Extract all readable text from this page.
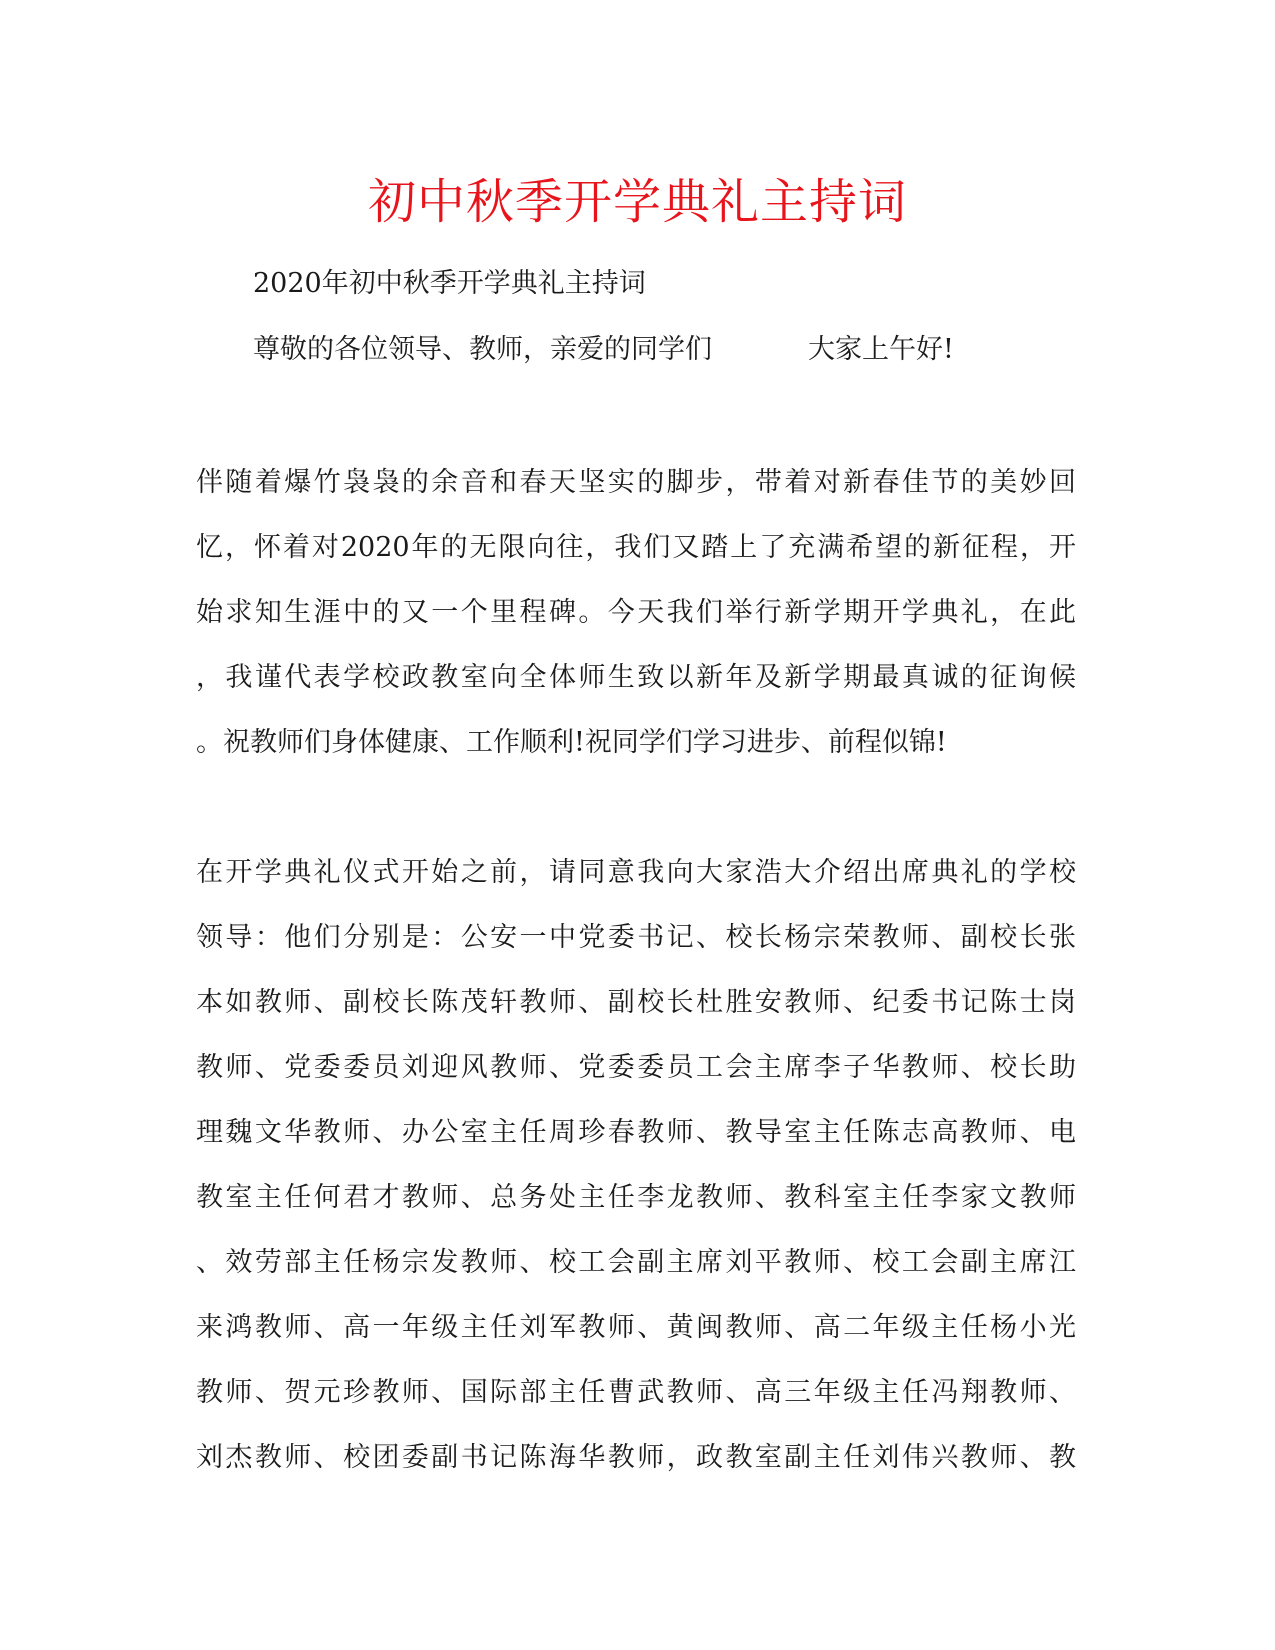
初中秋季开学典礼主持词
2020年初中秋季开学典礼主持词
尊敬的各位领导、教师，亲爱的同学们	大家上午好!
伴随着爆竹袅袅的余音和春天坚实的脚步，带着对新春佳节的美妙回
忆，怀着对2020年的无限向往，我们又踏上了充满希望的新征程，开
始求知生涯中的又一个里程碑。今天我们举行新学期开学典礼，在此
，我谨代表学校政教室向全体师生致以新年及新学期最真诚的征询候
。祝教师们身体健康、工作顺利!祝同学们学习进步、前程似锦!
在开学典礼仪式开始之前，请同意我向大家浩大介绍出席典礼的学校
领导：他们分别是：公安一中党委书记、校长杨宗荣教师、副校长张
本如教师、副校长陈茂轩教师、副校长杜胜安教师、纪委书记陈士岗
教师、党委委员刘迎风教师、党委委员工会主席李子华教师、校长助
理魏文华教师、办公室主任周珍春教师、教导室主任陈志高教师、电
教室主任何君才教师、总务处主任李龙教师、教科室主任李家文教师
、效劳部主任杨宗发教师、校工会副主席刘平教师、校工会副主席江
来鸿教师、高一年级主任刘军教师、黄闽教师、高二年级主任杨小光
教师、贺元珍教师、国际部主任曹武教师、高三年级主任冯翔教师、
刘杰教师、校团委副书记陈海华教师，政教室副主任刘伟兴教师、教
